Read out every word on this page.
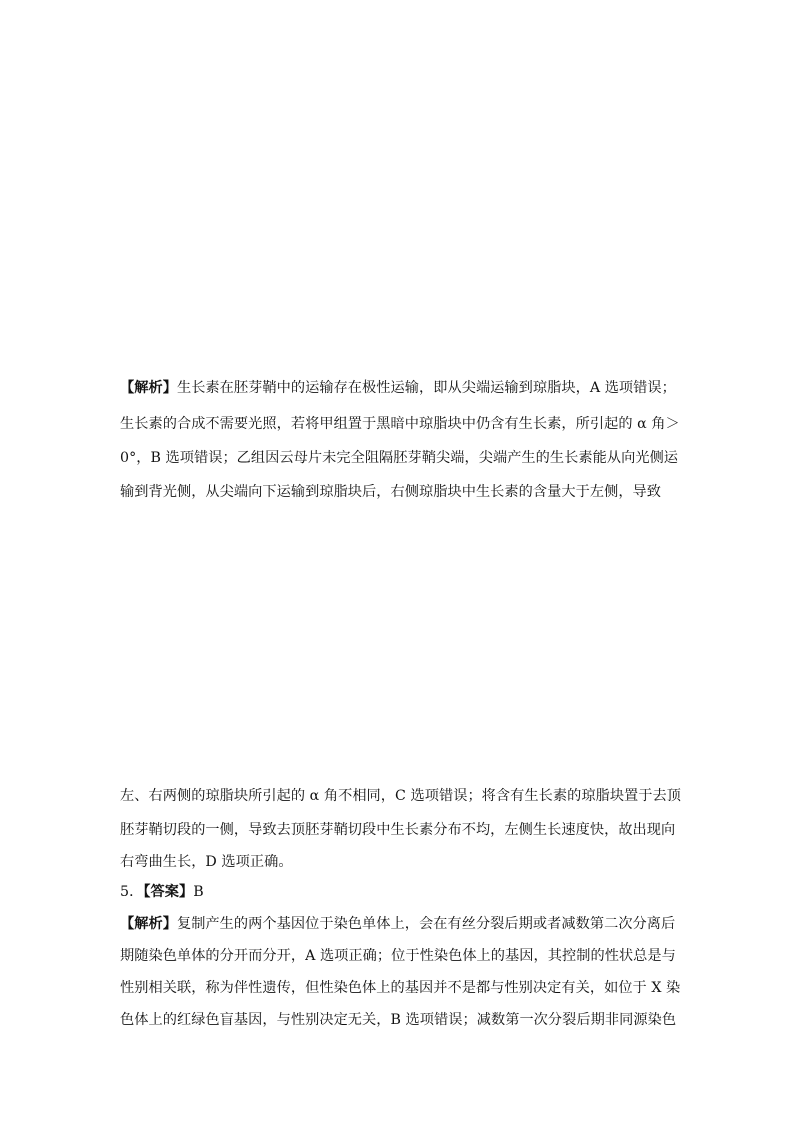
【解析】生长素在胚芽鞘中的运输存在极性运输，即从尖端运输到琼脂块，A 选项错误；
生长素的合成不需要光照，若将甲组置于黑暗中琼脂块中仍含有生长素，所引起的 α 角＞
0°，B 选项错误；乙组因云母片未完全阻隔胚芽鞘尖端，尖端产生的生长素能从向光侧运
输到背光侧，从尖端向下运输到琼脂块后，右侧琼脂块中生长素的含量大于左侧，导致
左、右两侧的琼脂块所引起的 α 角不相同，C 选项错误；将含有生长素的琼脂块置于去顶
胚芽鞘切段的一侧，导致去顶胚芽鞘切段中生长素分布不均，左侧生长速度快，故出现向
右弯曲生长，D 选项正确。
5．【答案】B
【解析】复制产生的两个基因位于染色单体上，会在有丝分裂后期或者减数第二次分离后
期随染色单体的分开而分开，A 选项正确；位于性染色体上的基因，其控制的性状总是与
性别相关联，称为伴性遗传，但性染色体上的基因并不是都与性别决定有关，如位于 X 染
色体上的红绿色盲基因，与性别决定无关，B 选项错误；减数第一次分裂后期非同源染色
